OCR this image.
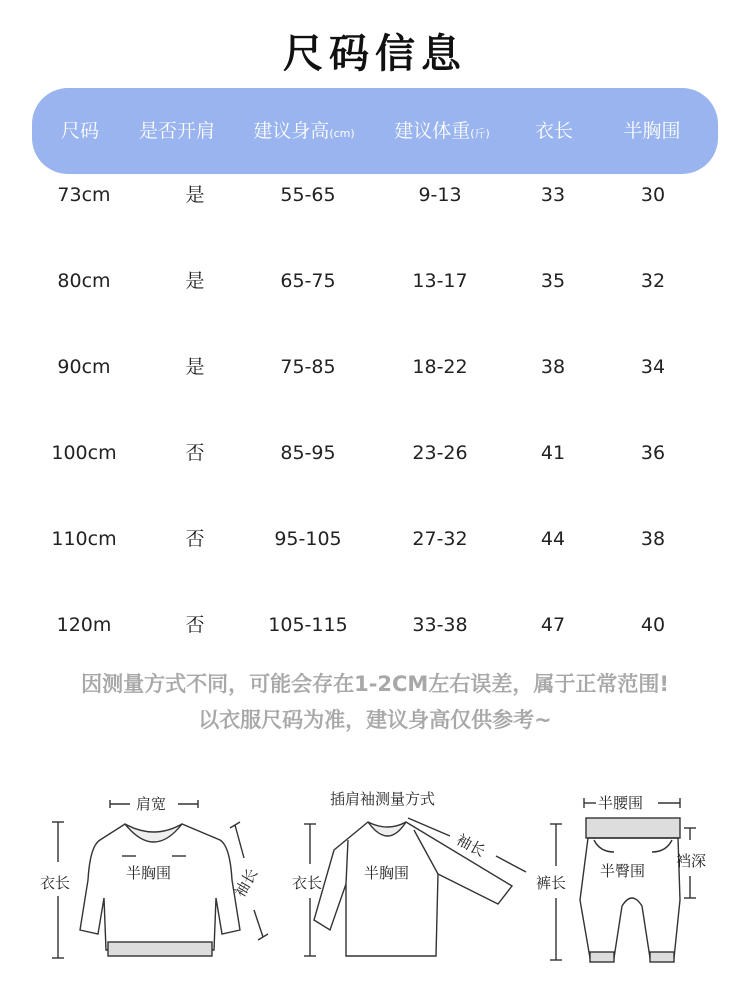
尺码信息
尺码	是否开肩	建议身高(cm)	建议体重(斤)	衣长	半胸围
73cm	是	55-65	9-13	33	30
80cm	是	65-75	13-17	35	32
90cm	是	75-85	18-22	38	34
100cm	否	85-95	23-26	41	36
110cm	否	95-105	27-32	44	38
120m	否	105-115	33-38	47	40
因测量方式不同，可能会存在1-2CM左右误差，属于正常范围!
以衣服尺码为准，建议身高仅供参考~
肩宽
半胸围
衣长	袖长
插肩袖测量方式
袖长
衣长
半胸围
半腰围
半臀围
裤长
裆深
